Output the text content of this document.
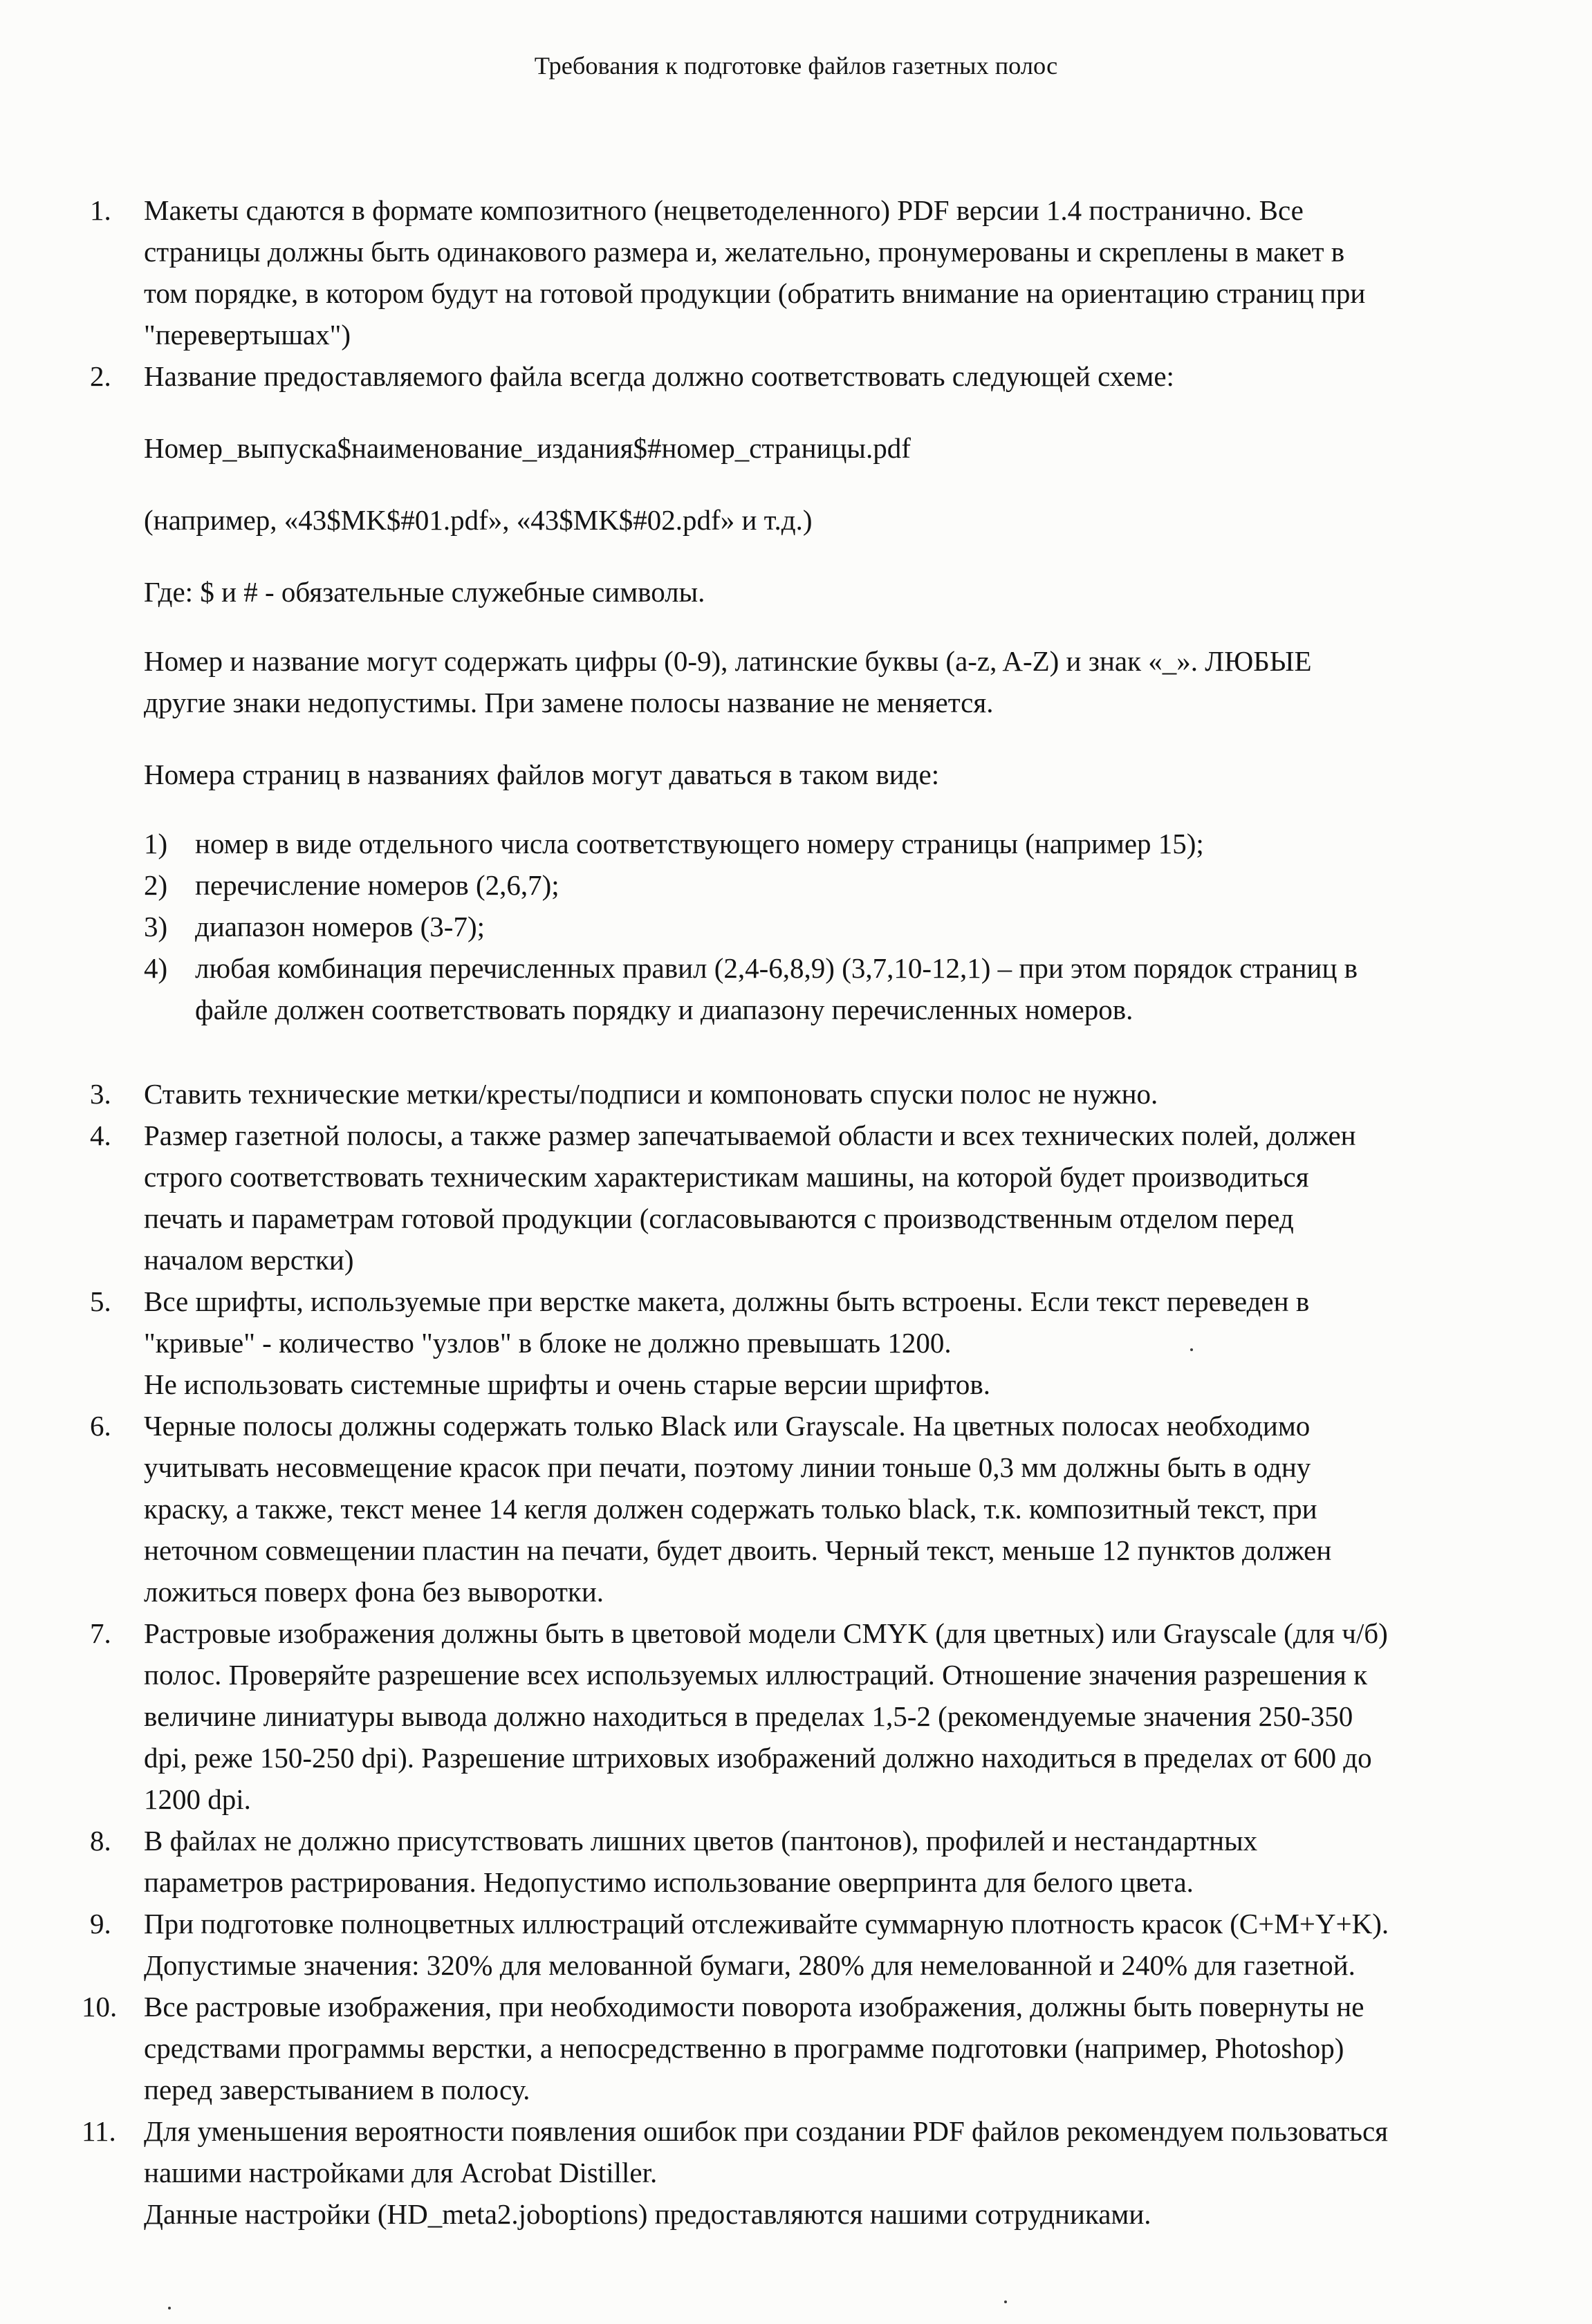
Требования к подготовке файлов газетных полос
1.	Макеты сдаются в формате композитного (нецветоделенного) PDF версии 1.4 постранично. Все
страницы должны быть одинакового размера и, желательно, пронумерованы и скреплены в макет в
том порядке, в котором будут на готовой продукции (обратить внимание на ориентацию страниц при
"перевертышах")
2.	Название предоставляемого файла всегда должно соответствовать следующей схеме:
Номер_выпуска$наименование_издания$#номер_страницы.pdf
(например, «43$MK$#01.pdf», «43$MK$#02.pdf» и т.д.)
Где: $ и # - обязательные служебные символы.
Номер и название могут содержать цифры (0-9), латинские буквы (a-z, A-Z) и знак «_». ЛЮБЫЕ
другие знаки недопустимы. При замене полосы название не меняется.
Номера страниц в названиях файлов могут даваться в таком виде:
1) номер в виде отдельного числа соответствующего номеру страницы (например 15);
2) перечисление номеров (2,6,7);
3) диапазон номеров (3-7);
4) любая комбинация перечисленных правил (2,4-6,8,9) (3,7,10-12,1) – при этом порядок страниц в
файле должен соответствовать порядку и диапазону перечисленных номеров.
3.	Ставить технические метки/кресты/подписи и компоновать спуски полос не нужно.
4.	Размер газетной полосы, а также размер запечатываемой области и всех технических полей, должен
строго соответствовать техническим характеристикам машины, на которой будет производиться
печать и параметрам готовой продукции (согласовываются с производственным отделом перед
началом верстки)
5.	Все шрифты, используемые при верстке макета, должны быть встроены. Если текст переведен в
"кривые" - количество "узлов" в блоке не должно превышать 1200.
Не использовать системные шрифты и очень старые версии шрифтов.
6.	Черные полосы должны содержать только Black или Grayscale. На цветных полосах необходимо
учитывать несовмещение красок при печати, поэтому линии тоньше 0,3 мм должны быть в одну
краску, а также, текст менее 14 кегля должен содержать только black, т.к. композитный текст, при
неточном совмещении пластин на печати, будет двоить. Черный текст, меньше 12 пунктов должен
ложиться поверх фона без выворотки.
7.	Растровые изображения должны быть в цветовой модели CMYK (для цветных) или Grayscale (для ч/б)
полос. Проверяйте разрешение всех используемых иллюстраций. Отношение значения разрешения к
величине линиатуры вывода должно находиться в пределах 1,5-2 (рекомендуемые значения 250-350
dpi, реже 150-250 dpi). Разрешение штриховых изображений должно находиться в пределах от 600 до
1200 dpi.
8.	В файлах не должно присутствовать лишних цветов (пантонов), профилей и нестандартных
параметров растрирования. Недопустимо использование оверпринта для белого цвета.
9.	При подготовке полноцветных иллюстраций отслеживайте суммарную плотность красок (C+M+Y+K).
Допустимые значения: 320% для мелованной бумаги, 280% для немелованной и 240% для газетной.
10. Все растровые изображения, при необходимости поворота изображения, должны быть повернуты не
средствами программы верстки, а непосредственно в программе подготовки (например, Photoshop)
перед заверстыванием в полосу.
11. Для уменьшения вероятности появления ошибок при создании PDF файлов рекомендуем пользоваться
нашими настройками для Acrobat Distiller.
Данные настройки (HD_meta2.joboptions) предоставляются нашими сотрудниками.
